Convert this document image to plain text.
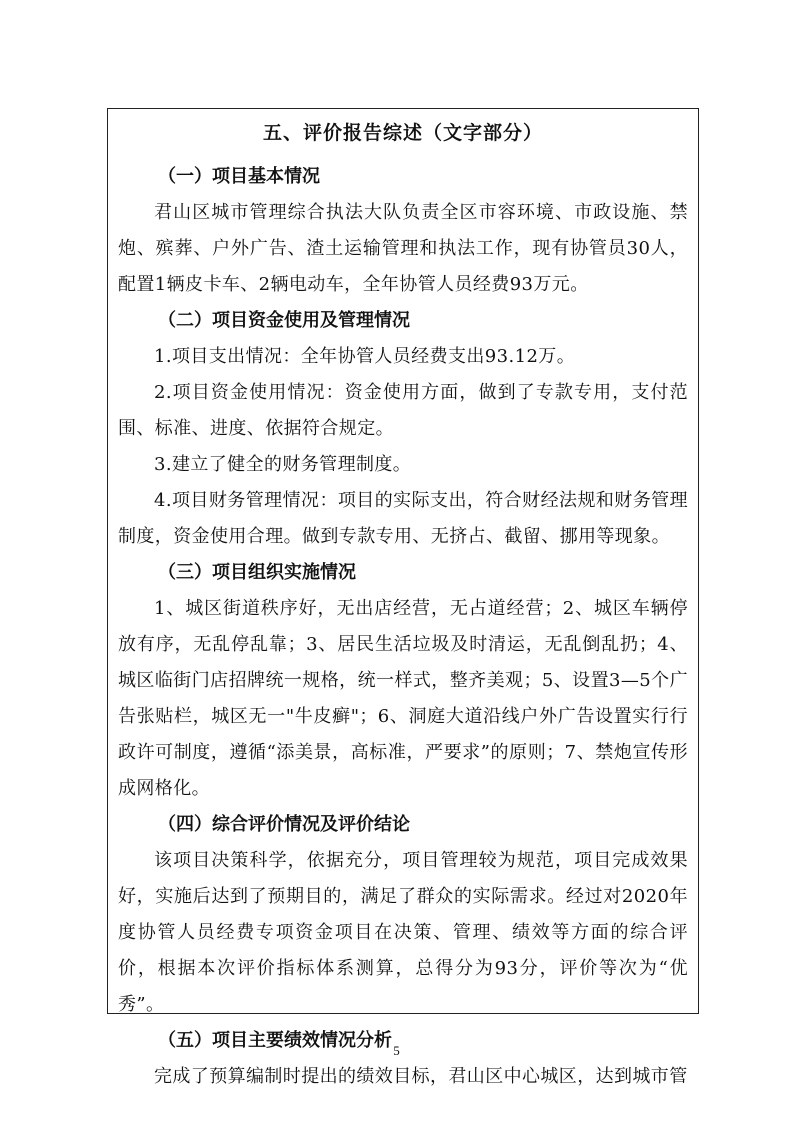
五、评价报告综述（文字部分）

（一）项目基本情况

君山区城市管理综合执法大队负责全区市容环境、市政设施、禁炮、殡葬、户外广告、渣土运输管理和执法工作，现有协管员30人，配置1辆皮卡车、2辆电动车，全年协管人员经费93万元。

（二）项目资金使用及管理情况

1.项目支出情况：全年协管人员经费支出93.12万。

2.项目资金使用情况：资金使用方面，做到了专款专用，支付范围、标准、进度、依据符合规定。

3.建立了健全的财务管理制度。

4.项目财务管理情况：项目的实际支出，符合财经法规和财务管理制度，资金使用合理。做到专款专用、无挤占、截留、挪用等现象。

（三）项目组织实施情况

1、城区街道秩序好，无出店经营，无占道经营；2、城区车辆停放有序，无乱停乱靠；3、居民生活垃圾及时清运，无乱倒乱扔；4、城区临街门店招牌统一规格，统一样式，整齐美观；5、设置3—5个广告张贴栏，城区无一"牛皮癣"；6、洞庭大道沿线户外广告设置实行行政许可制度，遵循“添美景，高标准，严要求”的原则；7、禁炮宣传形成网格化。

（四）综合评价情况及评价结论

该项目决策科学，依据充分，项目管理较为规范，项目完成效果好，实施后达到了预期目的，满足了群众的实际需求。经过对2020年度协管人员经费专项资金项目在决策、管理、绩效等方面的综合评价，根据本次评价指标体系测算，总得分为93分，评价等次为“优秀”。

（五）项目主要绩效情况分析

完成了预算编制时提出的绩效目标，君山区中心城区，达到城市管

5
